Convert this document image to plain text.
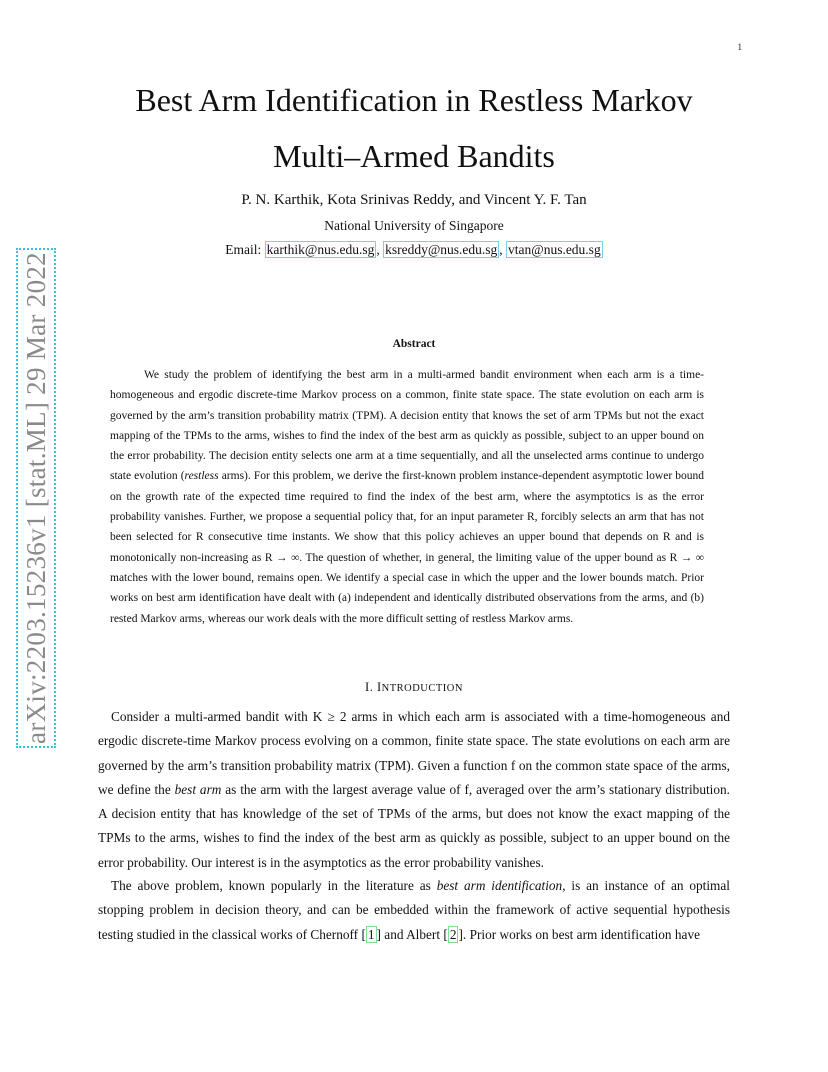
1
arXiv:2203.15236v1 [stat.ML] 29 Mar 2022
Best Arm Identification in Restless Markov
Multi–Armed Bandits
P. N. Karthik, Kota Srinivas Reddy, and Vincent Y. F. Tan
National University of Singapore
Email: karthik@nus.edu.sg , ksreddy@nus.edu.sg , vtan@nus.edu.sg
Abstract

We study the problem of identifying the best arm in a multi-armed bandit environment when each arm is a time-homogeneous and ergodic discrete-time Markov process on a common, finite state space. The state evolution on each arm is governed by the arm’s transition probability matrix (TPM). A decision entity that knows the set of arm TPMs but not the exact mapping of the TPMs to the arms, wishes to find the index of the best arm as quickly as possible, subject to an upper bound on the error probability. The decision entity selects one arm at a time sequentially, and all the unselected arms continue to undergo state evolution (restless arms). For this problem, we derive the first-known problem instance-dependent asymptotic lower bound on the growth rate of the expected time required to find the index of the best arm, where the asymptotics is as the error probability vanishes. Further, we propose a sequential policy that, for an input parameter R, forcibly selects an arm that has not been selected for R consecutive time instants. We show that this policy achieves an upper bound that depends on R and is monotonically non-increasing as R → ∞. The question of whether, in general, the limiting value of the upper bound as R → ∞ matches with the lower bound, remains open. We identify a special case in which the upper and the lower bounds match. Prior works on best arm identification have dealt with (a) independent and identically distributed observations from the arms, and (b) rested Markov arms, whereas our work deals with the more difficult setting of restless Markov arms.

I. INTRODUCTION

Consider a multi-armed bandit with K ≥ 2 arms in which each arm is associated with a time-homogeneous and ergodic discrete-time Markov process evolving on a common, finite state space. The state evolutions on each arm are governed by the arm’s transition probability matrix (TPM). Given a function f on the common state space of the arms, we define the best arm as the arm with the largest average value of f, averaged over the arm’s stationary distribution. A decision entity that has knowledge of the set of TPMs of the arms, but does not know the exact mapping of the TPMs to the arms, wishes to find the index of the best arm as quickly as possible, subject to an upper bound on the error probability. Our interest is in the asymptotics as the error probability vanishes.

The above problem, known popularly in the literature as best arm identification, is an instance of an optimal stopping problem in decision theory, and can be embedded within the framework of active sequential hypothesis testing studied in the classical works of Chernoff [ 1 ] and Albert [ 2 ]. Prior works on best arm identification have
